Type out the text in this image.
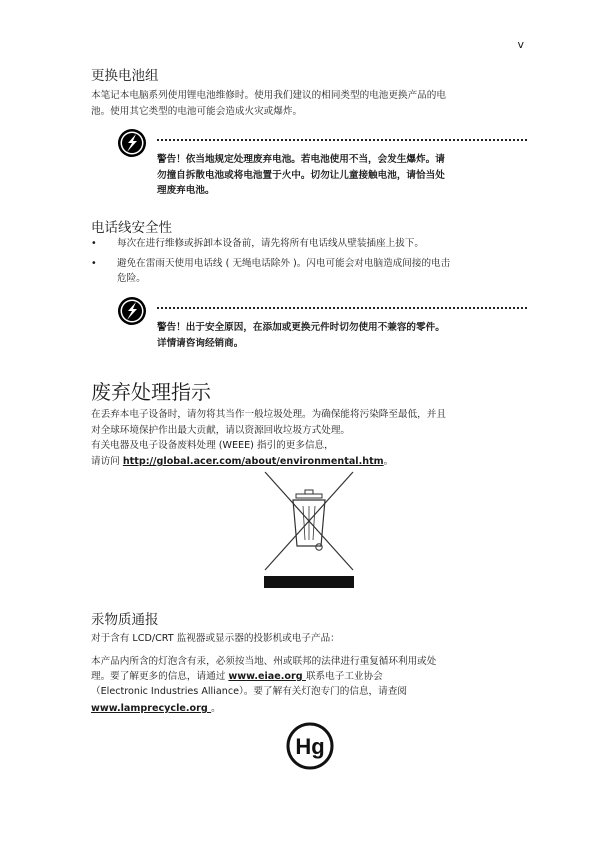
v
更换电池组

本笔记本电脑系列使用锂电池维修时。使用我们建议的相同类型的电池更换产品的电
池。使用其它类型的电池可能会造成火灾或爆炸。

警告！依当地规定处理废弃电池。若电池使用不当，会发生爆炸。请
勿撞自拆散电池或将电池置于火中。切勿让儿童接触电池，请恰当处
理废弃电池。
电话线安全性
• 每次在进行维修或拆卸本设备前，请先将所有电话线从壁装插座上拔下。
• 避免在雷雨天使用电话线 ( 无绳电话除外 )。闪电可能会对电脑造成间接的电击
危险。
警告！出于安全原因，在添加或更换元件时切勿使用不兼容的零件。
详情请咨询经销商。
废弃处理指示

在丢弃本电子设备时，请勿将其当作一般垃圾处理。为确保能将污染降至最低，并且
对全球环境保护作出最大贡献，请以资源回收垃圾方式处理。
有关电器及电子设备废料处理 (WEEE) 指引的更多信息，

请访问 http://global.acer.com/about/environmental.htm。

汞物质通报

对于含有 LCD/CRT 监视器或显示器的投影机或电子产品：

本产品内所含的灯泡含有汞，必须按当地、州或联邦的法律进行重复循环利用或处

理。要了解更多的信息，请通过 www.eiae.org 联系电子工业协会

（Electronic Industries Alliance）。要了解有关灯泡专门的信息，请查阅

www.lamprecycle.org 。

Hg
